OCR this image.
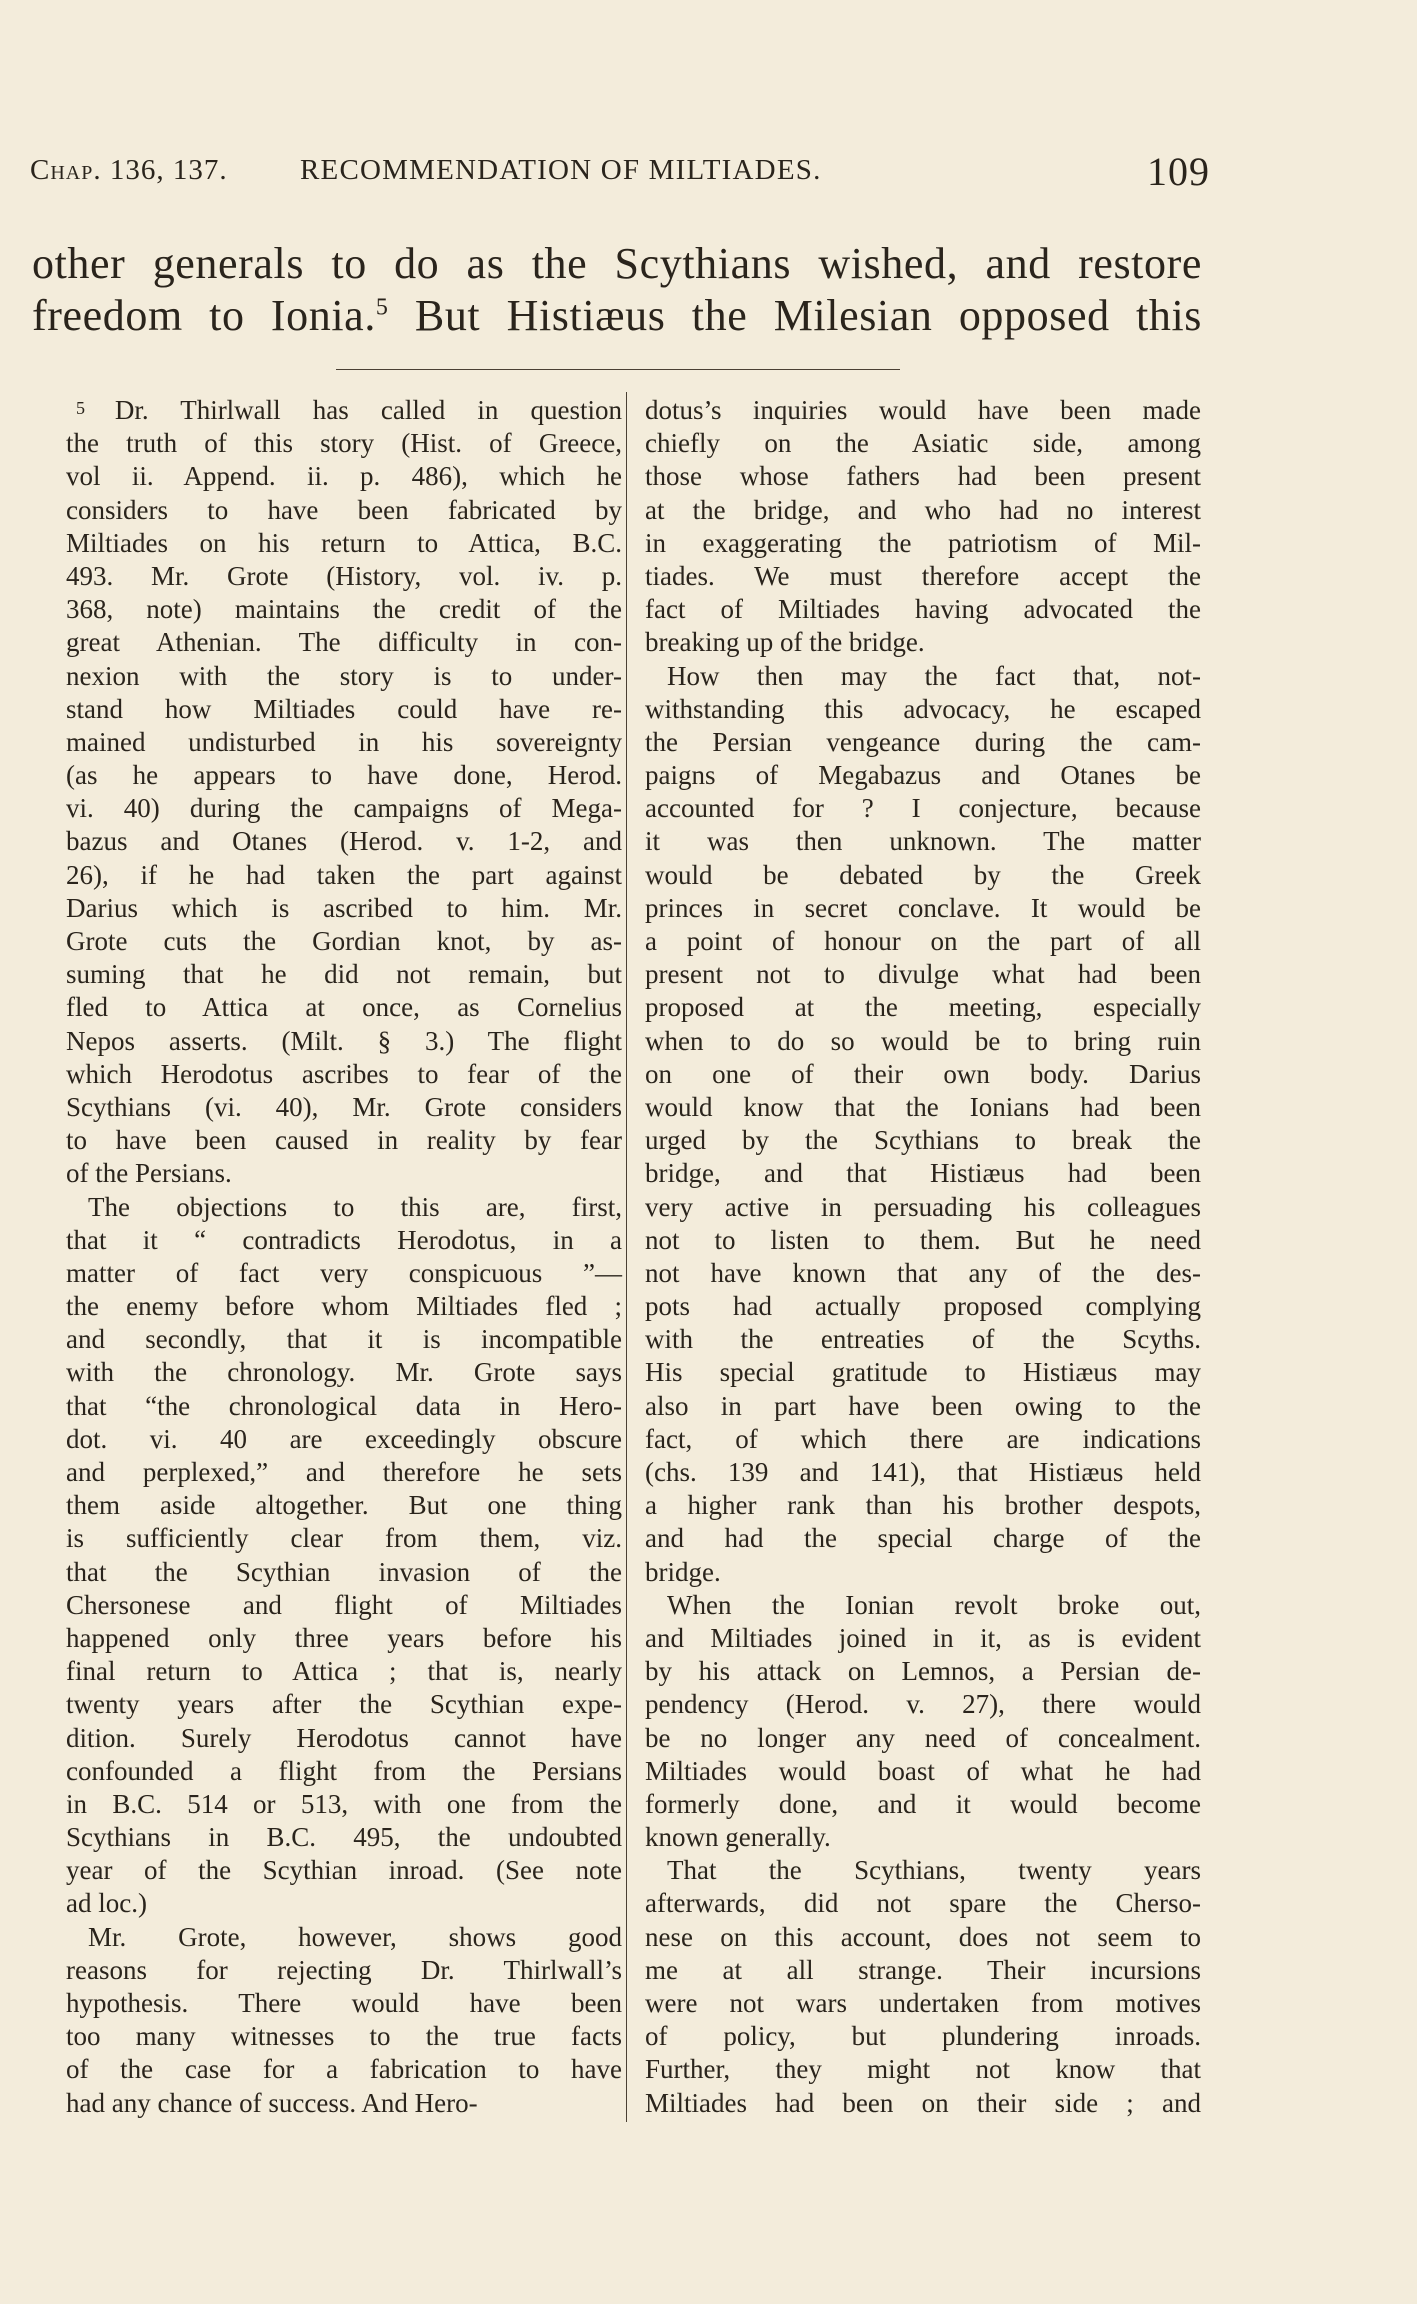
Chap. 136, 137. RECOMMENDATION OF MILTIADES.	109
other generals to do as the Scythians wished, and restore
freedom to Ionia.$^5$ But Histiæus the Milesian opposed this
$^5$ Dr. Thirlwall has called in question
the truth of this story (Hist. of Greece,
vol ii. Append. ii. p. 486), which he
considers to have been fabricated by
Miltiades on his return to Attica, B.C.
493. Mr. Grote (History, vol. iv. p.
368, note) maintains the credit of the
great Athenian. The difficulty in con-
nexion with the story is to under-
stand how Miltiades could have re-
mained undisturbed in his sovereignty
(as he appears to have done, Herod.
vi. 40) during the campaigns of Mega-
bazus and Otanes (Herod. v. 1-2, and
26), if he had taken the part against
Darius which is ascribed to him. Mr.
Grote cuts the Gordian knot, by as-
suming that he did not remain, but
fled to Attica at once, as Cornelius
Nepos asserts. (Milt. § 3.) The flight
which Herodotus ascribes to fear of the
Scythians (vi. 40), Mr. Grote considers
to have been caused in reality by fear
of the Persians.
The objections to this are, first,
that it “ contradicts Herodotus, in a
matter of fact very conspicuous ”—
the enemy before whom Miltiades fled ;
and secondly, that it is incompatible
with the chronology. Mr. Grote says
that “the chronological data in Hero-
dot. vi. 40 are exceedingly obscure
and perplexed,” and therefore he sets
them aside altogether. But one thing
is sufficiently clear from them, viz.
that the Scythian invasion of the
Chersonese and flight of Miltiades
happened only three years before his
final return to Attica ; that is, nearly
twenty years after the Scythian expe-
dition. Surely Herodotus cannot have
confounded a flight from the Persians
in B.C. 514 or 513, with one from the
Scythians in B.C. 495, the undoubted
year of the Scythian inroad. (See note
ad loc.)
Mr. Grote, however, shows good
reasons for rejecting Dr. Thirlwall’s
hypothesis. There would have been
too many witnesses to the true facts
of the case for a fabrication to have
had any chance of success. And Hero-
dotus’s inquiries would have been made
chiefly on the Asiatic side, among
those whose fathers had been present
at the bridge, and who had no interest
in exaggerating the patriotism of Mil-
tiades. We must therefore accept the
fact of Miltiades having advocated the
breaking up of the bridge.
How then may the fact that, not-
withstanding this advocacy, he escaped
the Persian vengeance during the cam-
paigns of Megabazus and Otanes be
accounted for ? I conjecture, because
it was then unknown. The matter
would be debated by the Greek
princes in secret conclave. It would be
a point of honour on the part of all
present not to divulge what had been
proposed at the meeting, especially
when to do so would be to bring ruin
on one of their own body. Darius
would know that the Ionians had been
urged by the Scythians to break the
bridge, and that Histiæus had been
very active in persuading his colleagues
not to listen to them. But he need
not have known that any of the des-
pots had actually proposed complying
with the entreaties of the Scyths.
His special gratitude to Histiæus may
also in part have been owing to the
fact, of which there are indications
(chs. 139 and 141), that Histiæus held
a higher rank than his brother despots,
and had the special charge of the
bridge.
When the Ionian revolt broke out,
and Miltiades joined in it, as is evident
by his attack on Lemnos, a Persian de-
pendency (Herod. v. 27), there would
be no longer any need of concealment.
Miltiades would boast of what he had
formerly done, and it would become
known generally.
That the Scythians, twenty years
afterwards, did not spare the Cherso-
nese on this account, does not seem to
me at all strange. Their incursions
were not wars undertaken from motives
of policy, but plundering inroads.
Further, they might not know that
Miltiades had been on their side ; and
